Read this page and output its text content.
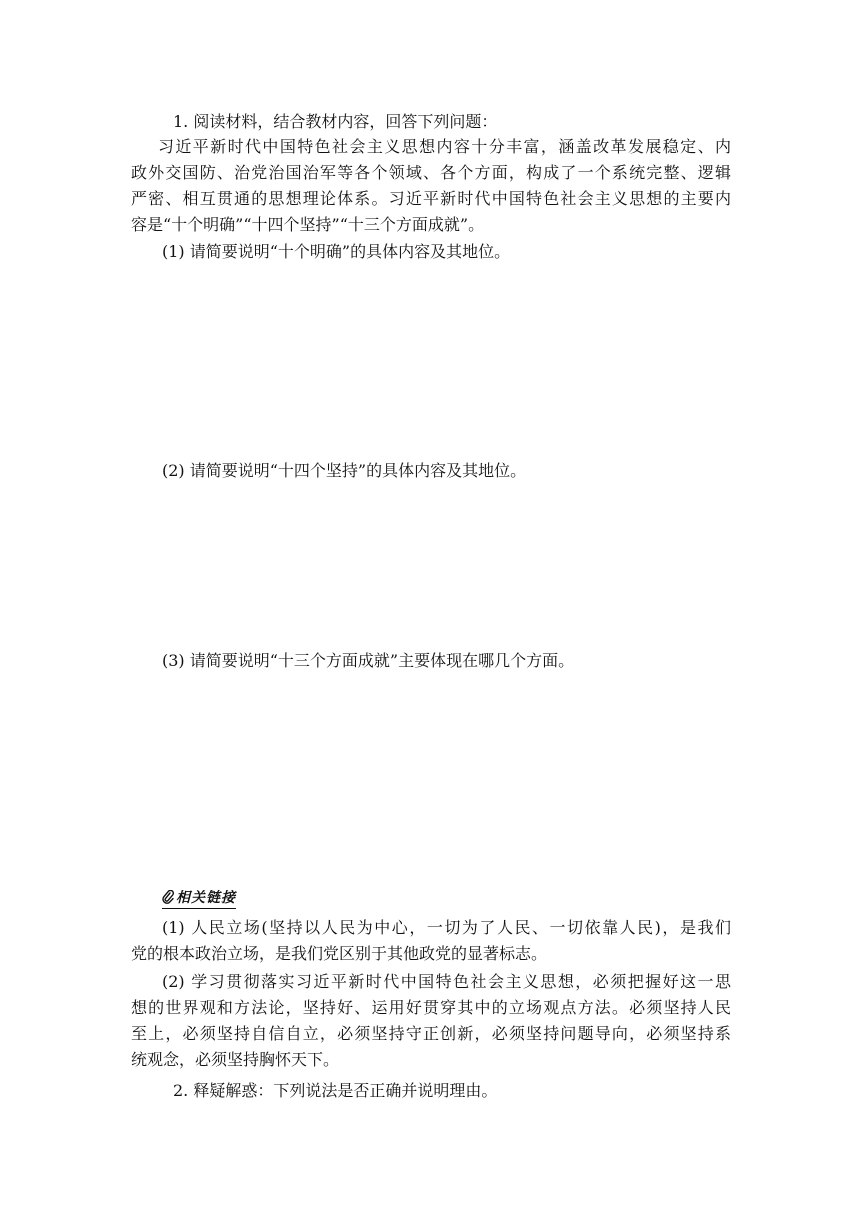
1. 阅读材料，结合教材内容，回答下列问题：
习近平新时代中国特色社会主义思想内容十分丰富，涵盖改革发展稳定、内
政外交国防、治党治国治军等各个领域、各个方面，构成了一个系统完整、逻辑
严密、相互贯通的思想理论体系。习近平新时代中国特色社会主义思想的主要内
容是“十个明确”“十四个坚持”“十三个方面成就”。
(1) 请简要说明“十个明确”的具体内容及其地位。
(2) 请简要说明“十四个坚持”的具体内容及其地位。
(3) 请简要说明“十三个方面成就”主要体现在哪几个方面。
相关链接
(1) 人民立场(坚持以人民为中心，一切为了人民、一切依靠人民)，是我们
党的根本政治立场，是我们党区别于其他政党的显著标志。
(2) 学习贯彻落实习近平新时代中国特色社会主义思想，必须把握好这一思
想的世界观和方法论，坚持好、运用好贯穿其中的立场观点方法。必须坚持人民
至上，必须坚持自信自立，必须坚持守正创新，必须坚持问题导向，必须坚持系
统观念，必须坚持胸怀天下。
2. 释疑解惑：下列说法是否正确并说明理由。
